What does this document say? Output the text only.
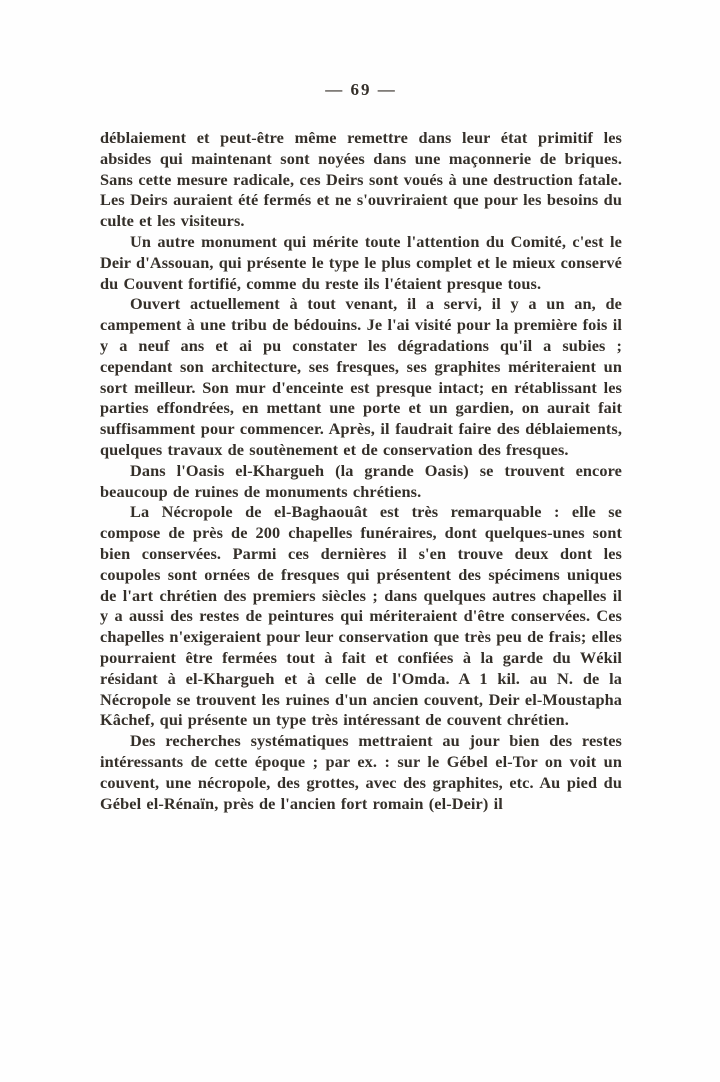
— 69 —

déblaiement et peut-être même remettre dans leur état primitif les absides qui maintenant sont noyées dans une maçonnerie de briques. Sans cette mesure radicale, ces Deirs sont voués à une destruction fatale. Les Deirs auraient été fermés et ne s'ouvriraient que pour les besoins du culte et les visiteurs.

Un autre monument qui mérite toute l'attention du Comité, c'est le Deir d'Assouan, qui présente le type le plus complet et le mieux conservé du Couvent fortifié, comme du reste ils l'étaient presque tous.

Ouvert actuellement à tout venant, il a servi, il y a un an, de campement à une tribu de bédouins. Je l'ai visité pour la première fois il y a neuf ans et ai pu constater les dégradations qu'il a subies ; cependant son architecture, ses fresques, ses graphites mériteraient un sort meilleur. Son mur d'enceinte est presque intact; en rétablissant les parties effondrées, en mettant une porte et un gardien, on aurait fait suffisamment pour commencer. Après, il faudrait faire des déblaiements, quelques travaux de soutènement et de conservation des fresques.

Dans l'Oasis el-Khargueh (la grande Oasis) se trouvent encore beaucoup de ruines de monuments chrétiens.

La Nécropole de el-Baghaouât est très remarquable : elle se compose de près de 200 chapelles funéraires, dont quelques-unes sont bien conservées. Parmi ces dernières il s'en trouve deux dont les coupoles sont ornées de fresques qui présentent des spécimens uniques de l'art chrétien des premiers siècles ; dans quelques autres chapelles il y a aussi des restes de peintures qui mériteraient d'être conservées. Ces chapelles n'exigeraient pour leur conservation que très peu de frais; elles pourraient être fermées tout à fait et confiées à la garde du Wékil résidant à el-Khargueh et à celle de l'Omda. A 1 kil. au N. de la Nécropole se trouvent les ruines d'un ancien couvent, Deir el-Moustapha Kâchef, qui présente un type très intéressant de couvent chrétien.

Des recherches systématiques mettraient au jour bien des restes intéressants de cette époque ; par ex. : sur le Gébel el-Tor on voit un couvent, une nécropole, des grottes, avec des graphites, etc. Au pied du Gébel el-Rénaïn, près de l'ancien fort romain (el-Deir) il
